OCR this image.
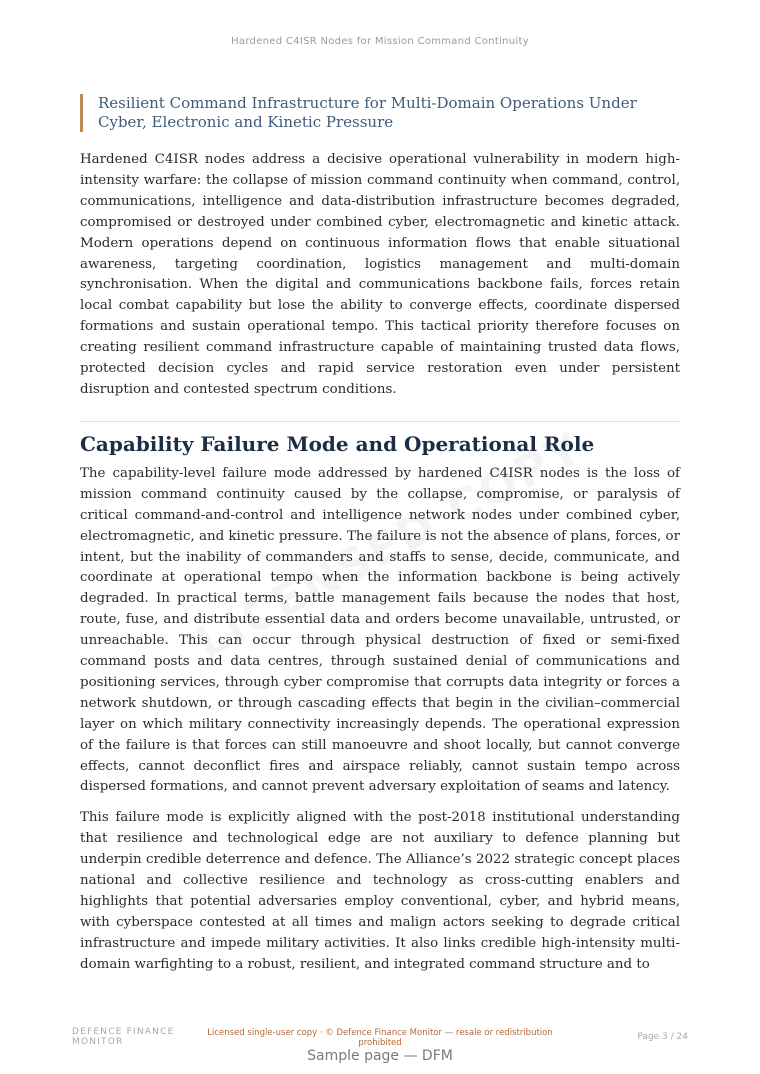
Hardened C4ISR Nodes for Mission Command Continuity
Resilient Command Infrastructure for Multi-Domain Operations Under Cyber, Electronic and Kinetic Pressure

Hardened C4ISR nodes address a decisive operational vulnerability in modern high-intensity warfare: the collapse of mission command continuity when command, control, communications, intelligence and data-distribution infrastructure becomes degraded, compromised or destroyed under combined cyber, electromagnetic and kinetic attack. Modern operations depend on continuous information flows that enable situational awareness, targeting coordination, logistics management and multi-domain synchronisation. When the digital and communications backbone fails, forces retain local combat capability but lose the ability to converge effects, coordinate dispersed formations and sustain operational tempo. This tactical priority therefore focuses on creating resilient command infrastructure capable of maintaining trusted data flows, protected decision cycles and rapid service restoration even under persistent disruption and contested spectrum conditions.

Capability Failure Mode and Operational Role

The capability-level failure mode addressed by hardened C4ISR nodes is the loss of mission command continuity caused by the collapse, compromise, or paralysis of critical command-and-control and intelligence network nodes under combined cyber, electromagnetic, and kinetic pressure. The failure is not the absence of plans, forces, or intent, but the inability of commanders and staffs to sense, decide, communicate, and coordinate at operational tempo when the information backbone is being actively degraded. In practical terms, battle management fails because the nodes that host, route, fuse, and distribute essential data and orders become unavailable, untrusted, or unreachable. This can occur through physical destruction of fixed or semi-fixed command posts and data centres, through sustained denial of communications and positioning services, through cyber compromise that corrupts data integrity or forces a network shutdown, or through cascading effects that begin in the civilian–commercial layer on which military connectivity increasingly depends. The operational expression of the failure is that forces can still manoeuvre and shoot locally, but cannot converge effects, cannot deconflict fires and airspace reliably, cannot sustain tempo across dispersed formations, and cannot prevent adversary exploitation of seams and latency.

This failure mode is explicitly aligned with the post-2018 institutional understanding that resilience and technological edge are not auxiliary to defence planning but underpin credible deterrence and defence. The Alliance’s 2022 strategic concept places national and collective resilience and technology as cross-cutting enablers and highlights that potential adversaries employ conventional, cyber, and hybrid means, with cyberspace contested at all times and malign actors seeking to degrade critical infrastructure and impede military activities. It also links credible high-intensity multi-domain warfighting to a robust, resilient, and integrated command structure and to

DEFENCE FINANCE MONITOR
Licensed single-user copy · © Defence Finance Monitor — resale or redistribution prohibited
Page 3 / 24
Sample page — DFM
